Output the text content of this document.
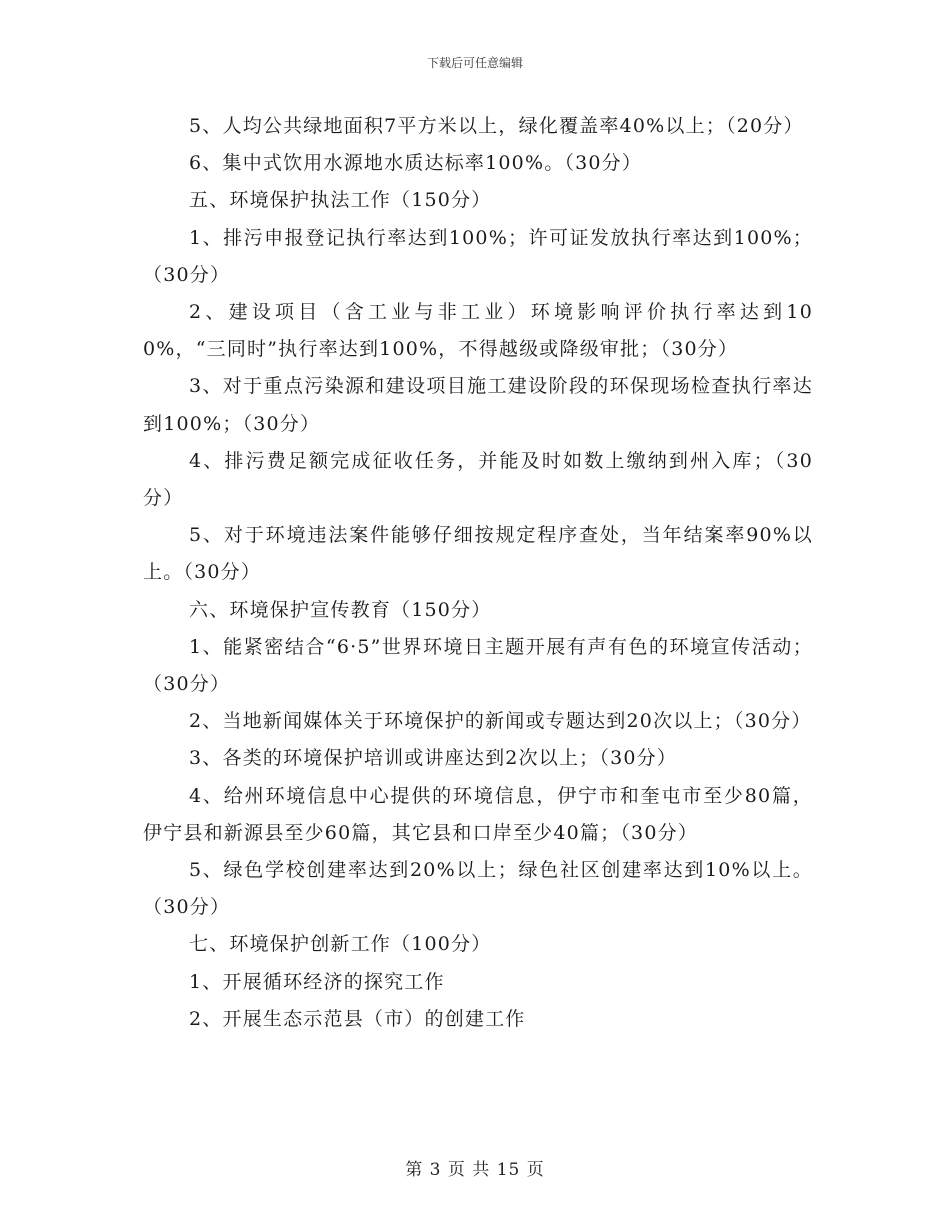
下载后可任意编辑

5、人均公共绿地面积7平方米以上，绿化覆盖率40%以上；（20分）

6、集中式饮用水源地水质达标率100%。（30分）

五、环境保护执法工作（150分）

1、排污申报登记执行率达到100%；许可证发放执行率达到100%；（30分）

2、建设项目（含工业与非工业）环境影响评价执行率达到100%，“三同时”执行率达到100%，不得越级或降级审批；（30分）

3、对于重点污染源和建设项目施工建设阶段的环保现场检查执行率达到100%；（30分）

4、排污费足额完成征收任务，并能及时如数上缴纳到州入库；（30分）

5、对于环境违法案件能够仔细按规定程序查处，当年结案率90%以上。（30分）

六、环境保护宣传教育（150分）

1、能紧密结合“6·5”世界环境日主题开展有声有色的环境宣传活动；（30分）

2、当地新闻媒体关于环境保护的新闻或专题达到20次以上；（30分）

3、各类的环境保护培训或讲座达到2次以上；（30分）

4、给州环境信息中心提供的环境信息，伊宁市和奎屯市至少80篇，伊宁县和新源县至少60篇，其它县和口岸至少40篇；（30分）

5、绿色学校创建率达到20%以上；绿色社区创建率达到10%以上。（30分）

七、环境保护创新工作（100分）

1、开展循环经济的探究工作

2、开展生态示范县（市）的创建工作

第 3 页 共 15 页
